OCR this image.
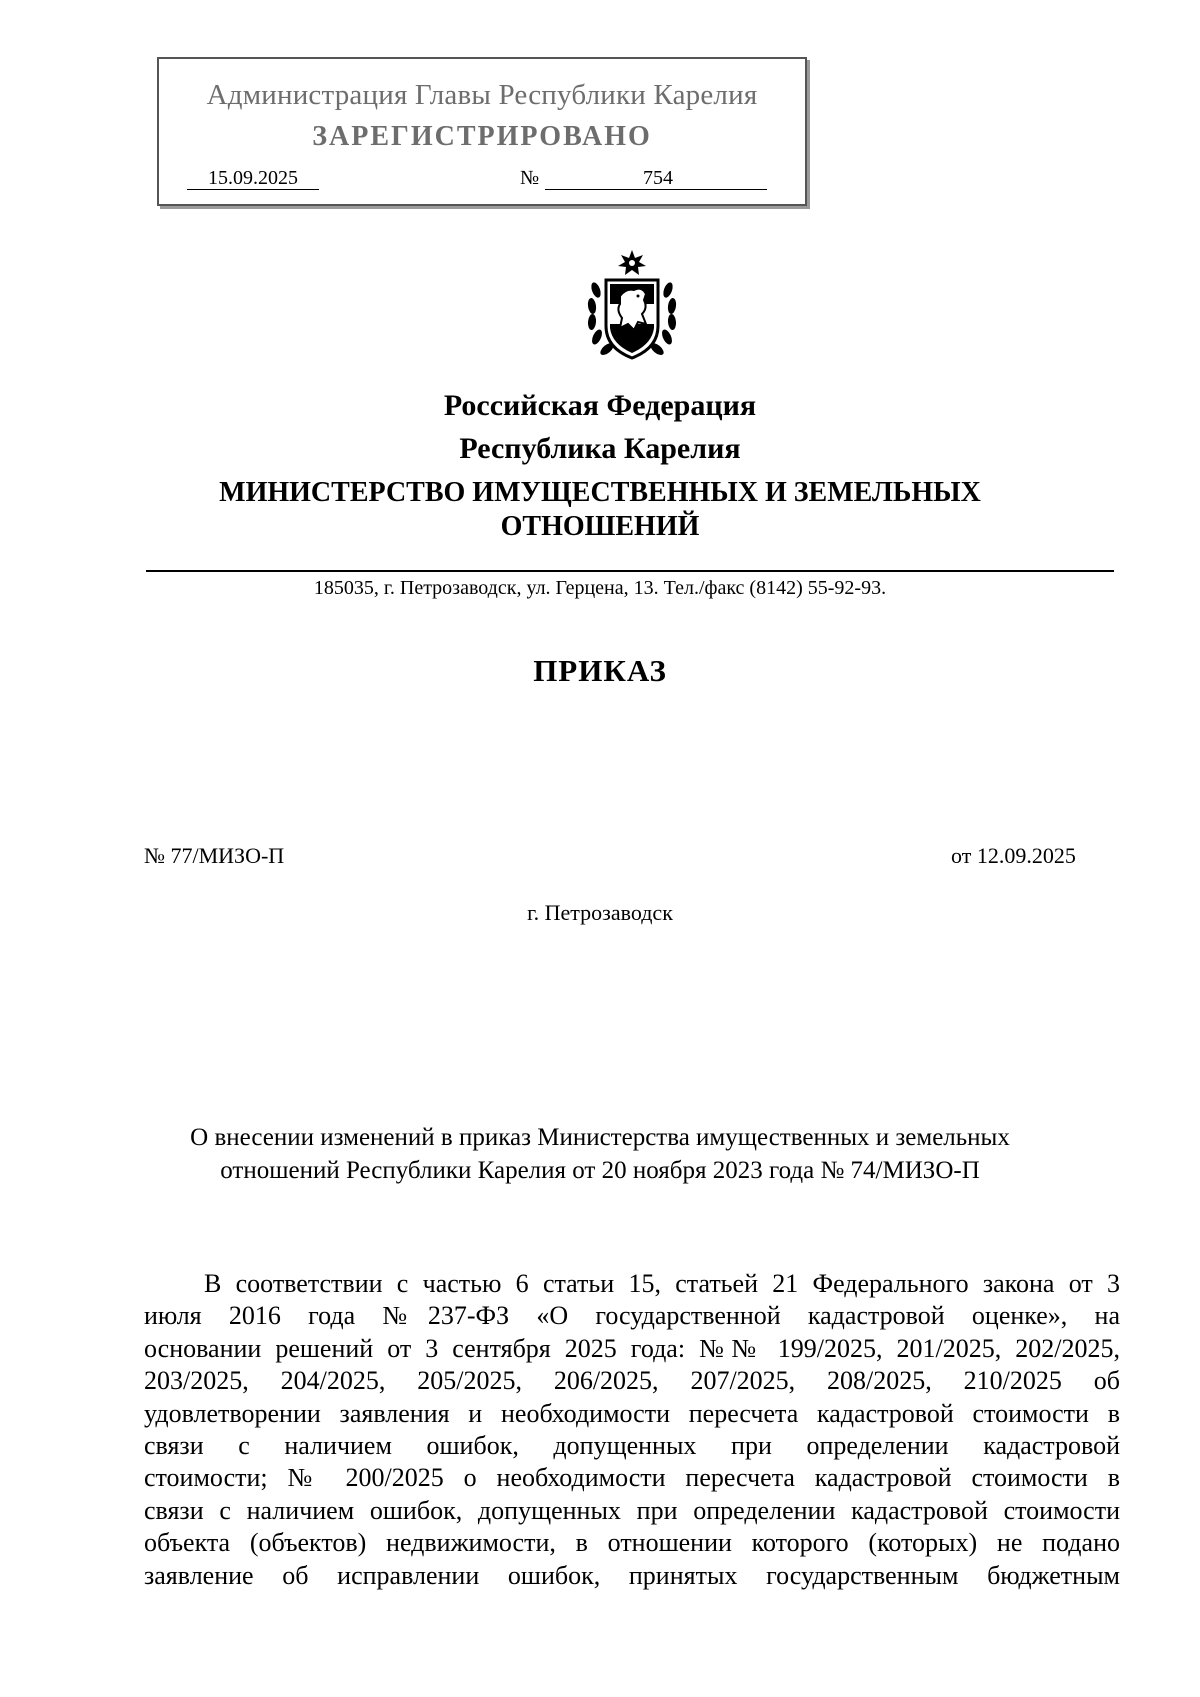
Администрация Главы Республики Карелия
ЗАРЕГИСТРИРОВАНО
15.09.2025	№	754
Российская Федерация
Республика Карелия
МИНИСТЕРСТВО ИМУЩЕСТВЕННЫХ И ЗЕМЕЛЬНЫХ
ОТНОШЕНИЙ
185035, г. Петрозаводск, ул. Герцена, 13. Тел./факс (8142) 55-92-93.
ПРИКАЗ
№ 77/МИЗО-П	от 12.09.2025
г. Петрозаводск
О внесении изменений в приказ Министерства имущественных и земельных
отношений Республики Карелия от 20 ноября 2023 года № 74/МИЗО-П
В соответствии с частью 6 статьи 15, статьей 21 Федерального закона от 3
июля 2016 года №237-ФЗ «О государственной кадастровой оценке», на
основании решений от 3 сентября 2025 года: №№ 199/2025, 201/2025, 202/2025,
203/2025, 204/2025, 205/2025, 206/2025, 207/2025, 208/2025, 210/2025 об
удовлетворении заявления и необходимости пересчета кадастровой стоимости в
связи с наличием ошибок, допущенных при определении кадастровой
стоимости; № 200/2025 о необходимости пересчета кадастровой стоимости в
связи с наличием ошибок, допущенных при определении кадастровой стоимости
объекта (объектов) недвижимости, в отношении которого (которых) не подано
заявление об исправлении ошибок, принятых государственным бюджетным
